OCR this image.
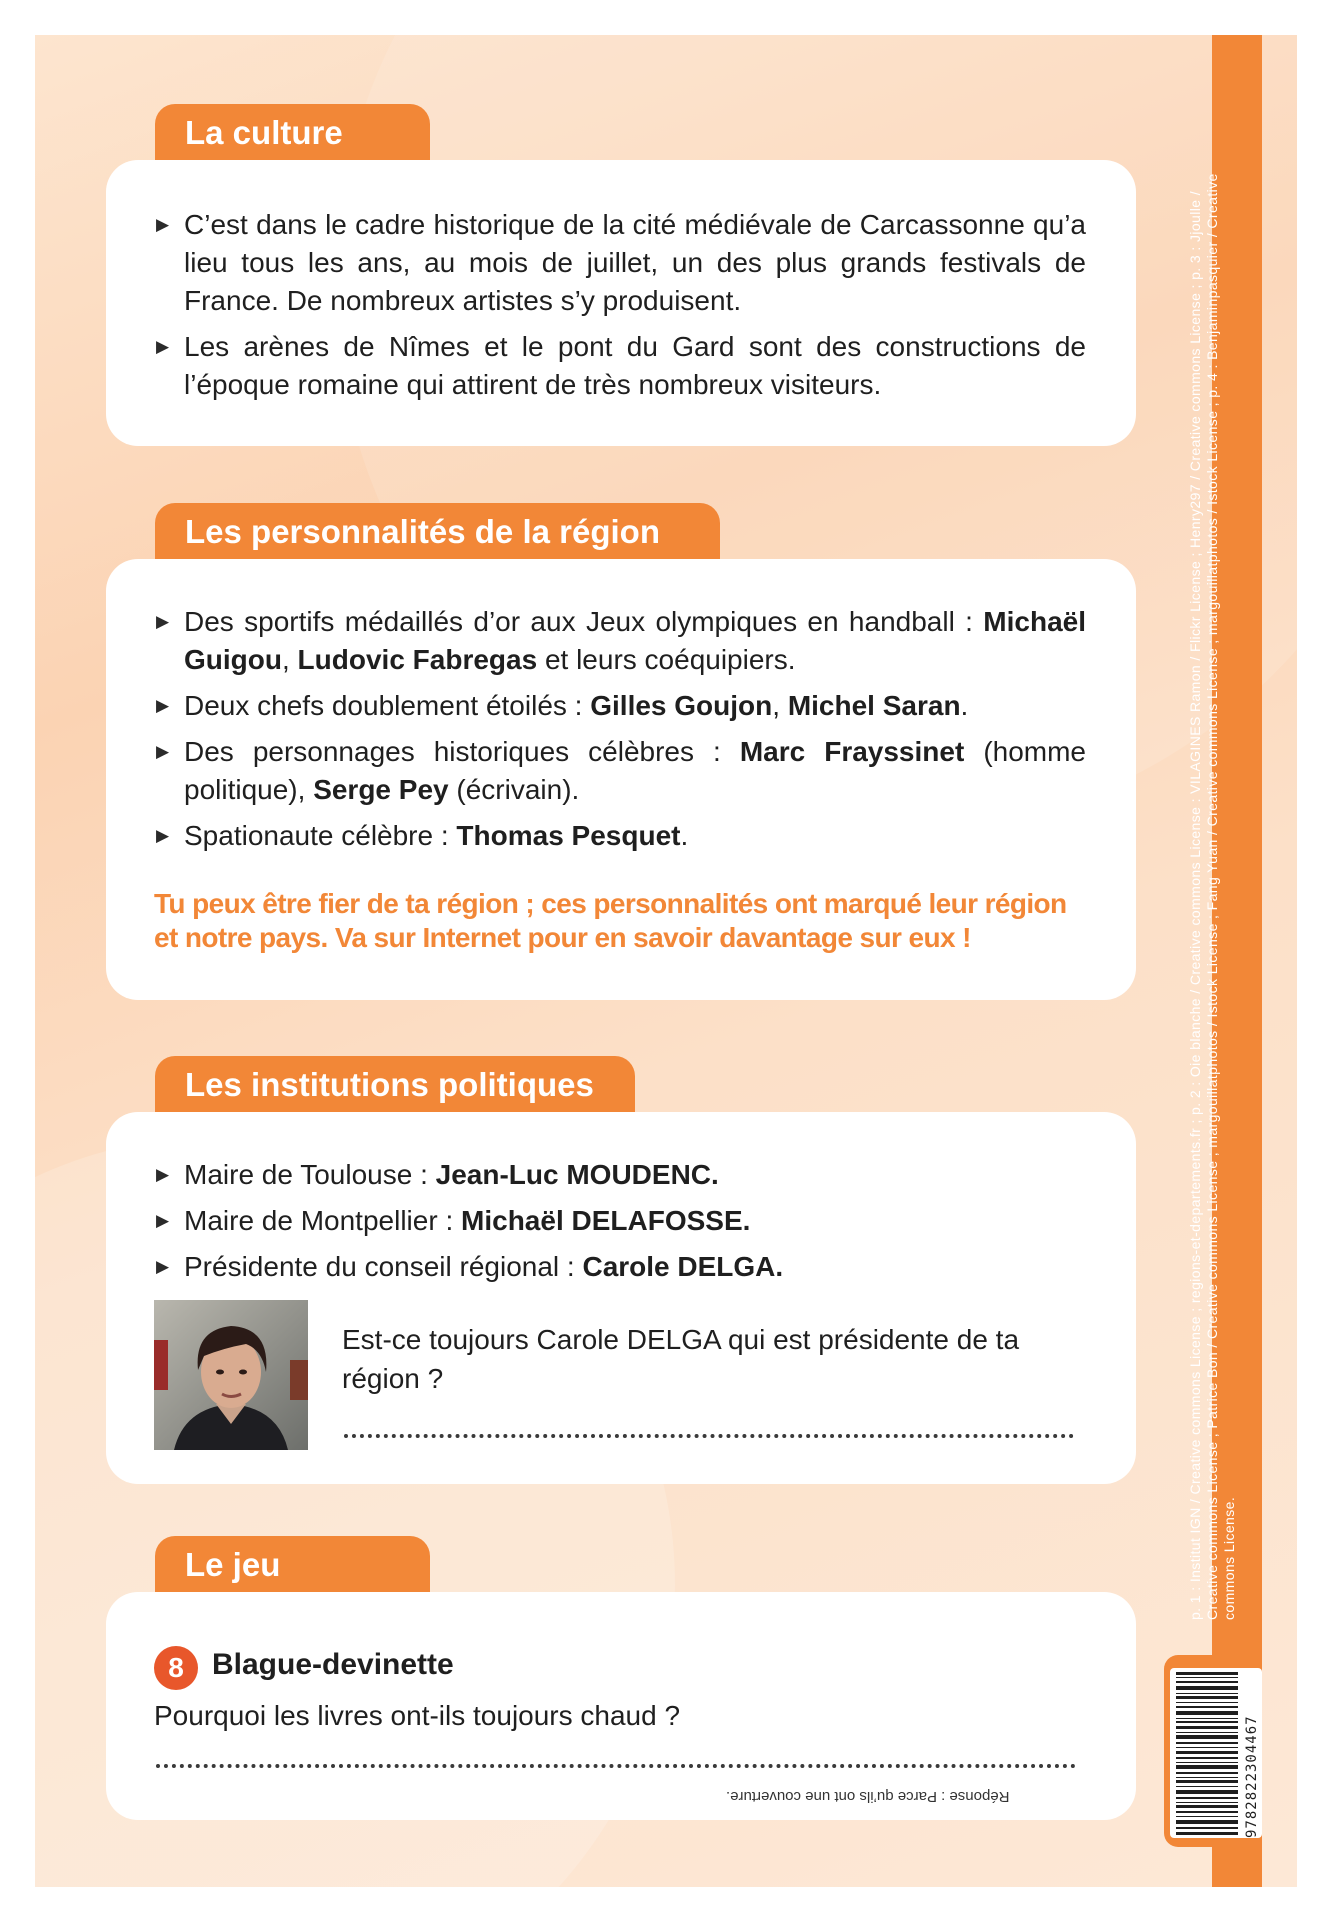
p. 1 : Institut IGN / Creative commons License ; regions-et-departements.fr ; p. 2 : Oie blanche / Creative commons License : VILAGINES Ramon / Flickr License ; Henry297 / Creative commons License ; p. 3 : Jjoulle / Creative commons License ; Patrice Bon / Creative commons License ; margouillatphotos / Istock License ; Fang Yuan / Creative commons License ; margouillatphotos / Istock License ; p. 4 : Benjaminpasquier / Creative commons License.
9782822304467
La culture
▶ C’est dans le cadre historique de la cité médiévale de Carcassonne qu’a lieu tous les ans, au mois de juillet, un des plus grands festivals de France. De nombreux artistes s’y produisent.
▶ Les arènes de Nîmes et le pont du Gard sont des constructions de l’époque romaine qui attirent de très nombreux visiteurs.
Les personnalités de la région
▶ Des sportifs médaillés d’or aux Jeux olympiques en handball : Michaël Guigou, Ludovic Fabregas et leurs coéquipiers.
▶ Deux chefs doublement étoilés : Gilles Goujon, Michel Saran.
▶ Des personnages historiques célèbres : Marc Frayssinet (homme politique), Serge Pey (écrivain).
▶ Spationaute célèbre : Thomas Pesquet.
Tu peux être fier de ta région ; ces personnalités ont marqué leur région et notre pays. Va sur Internet pour en savoir davantage sur eux !
Les institutions politiques
▶ Maire de Toulouse : Jean-Luc MOUDENC.
▶ Maire de Montpellier : Michaël DELAFOSSE.
▶ Présidente du conseil régional : Carole DELGA.
Est-ce toujours Carole DELGA qui est présidente de ta région ?
Le jeu
8 Blague-devinette
Pourquoi les livres ont-ils toujours chaud ?
Réponse : Parce qu’ils ont une couverture.
